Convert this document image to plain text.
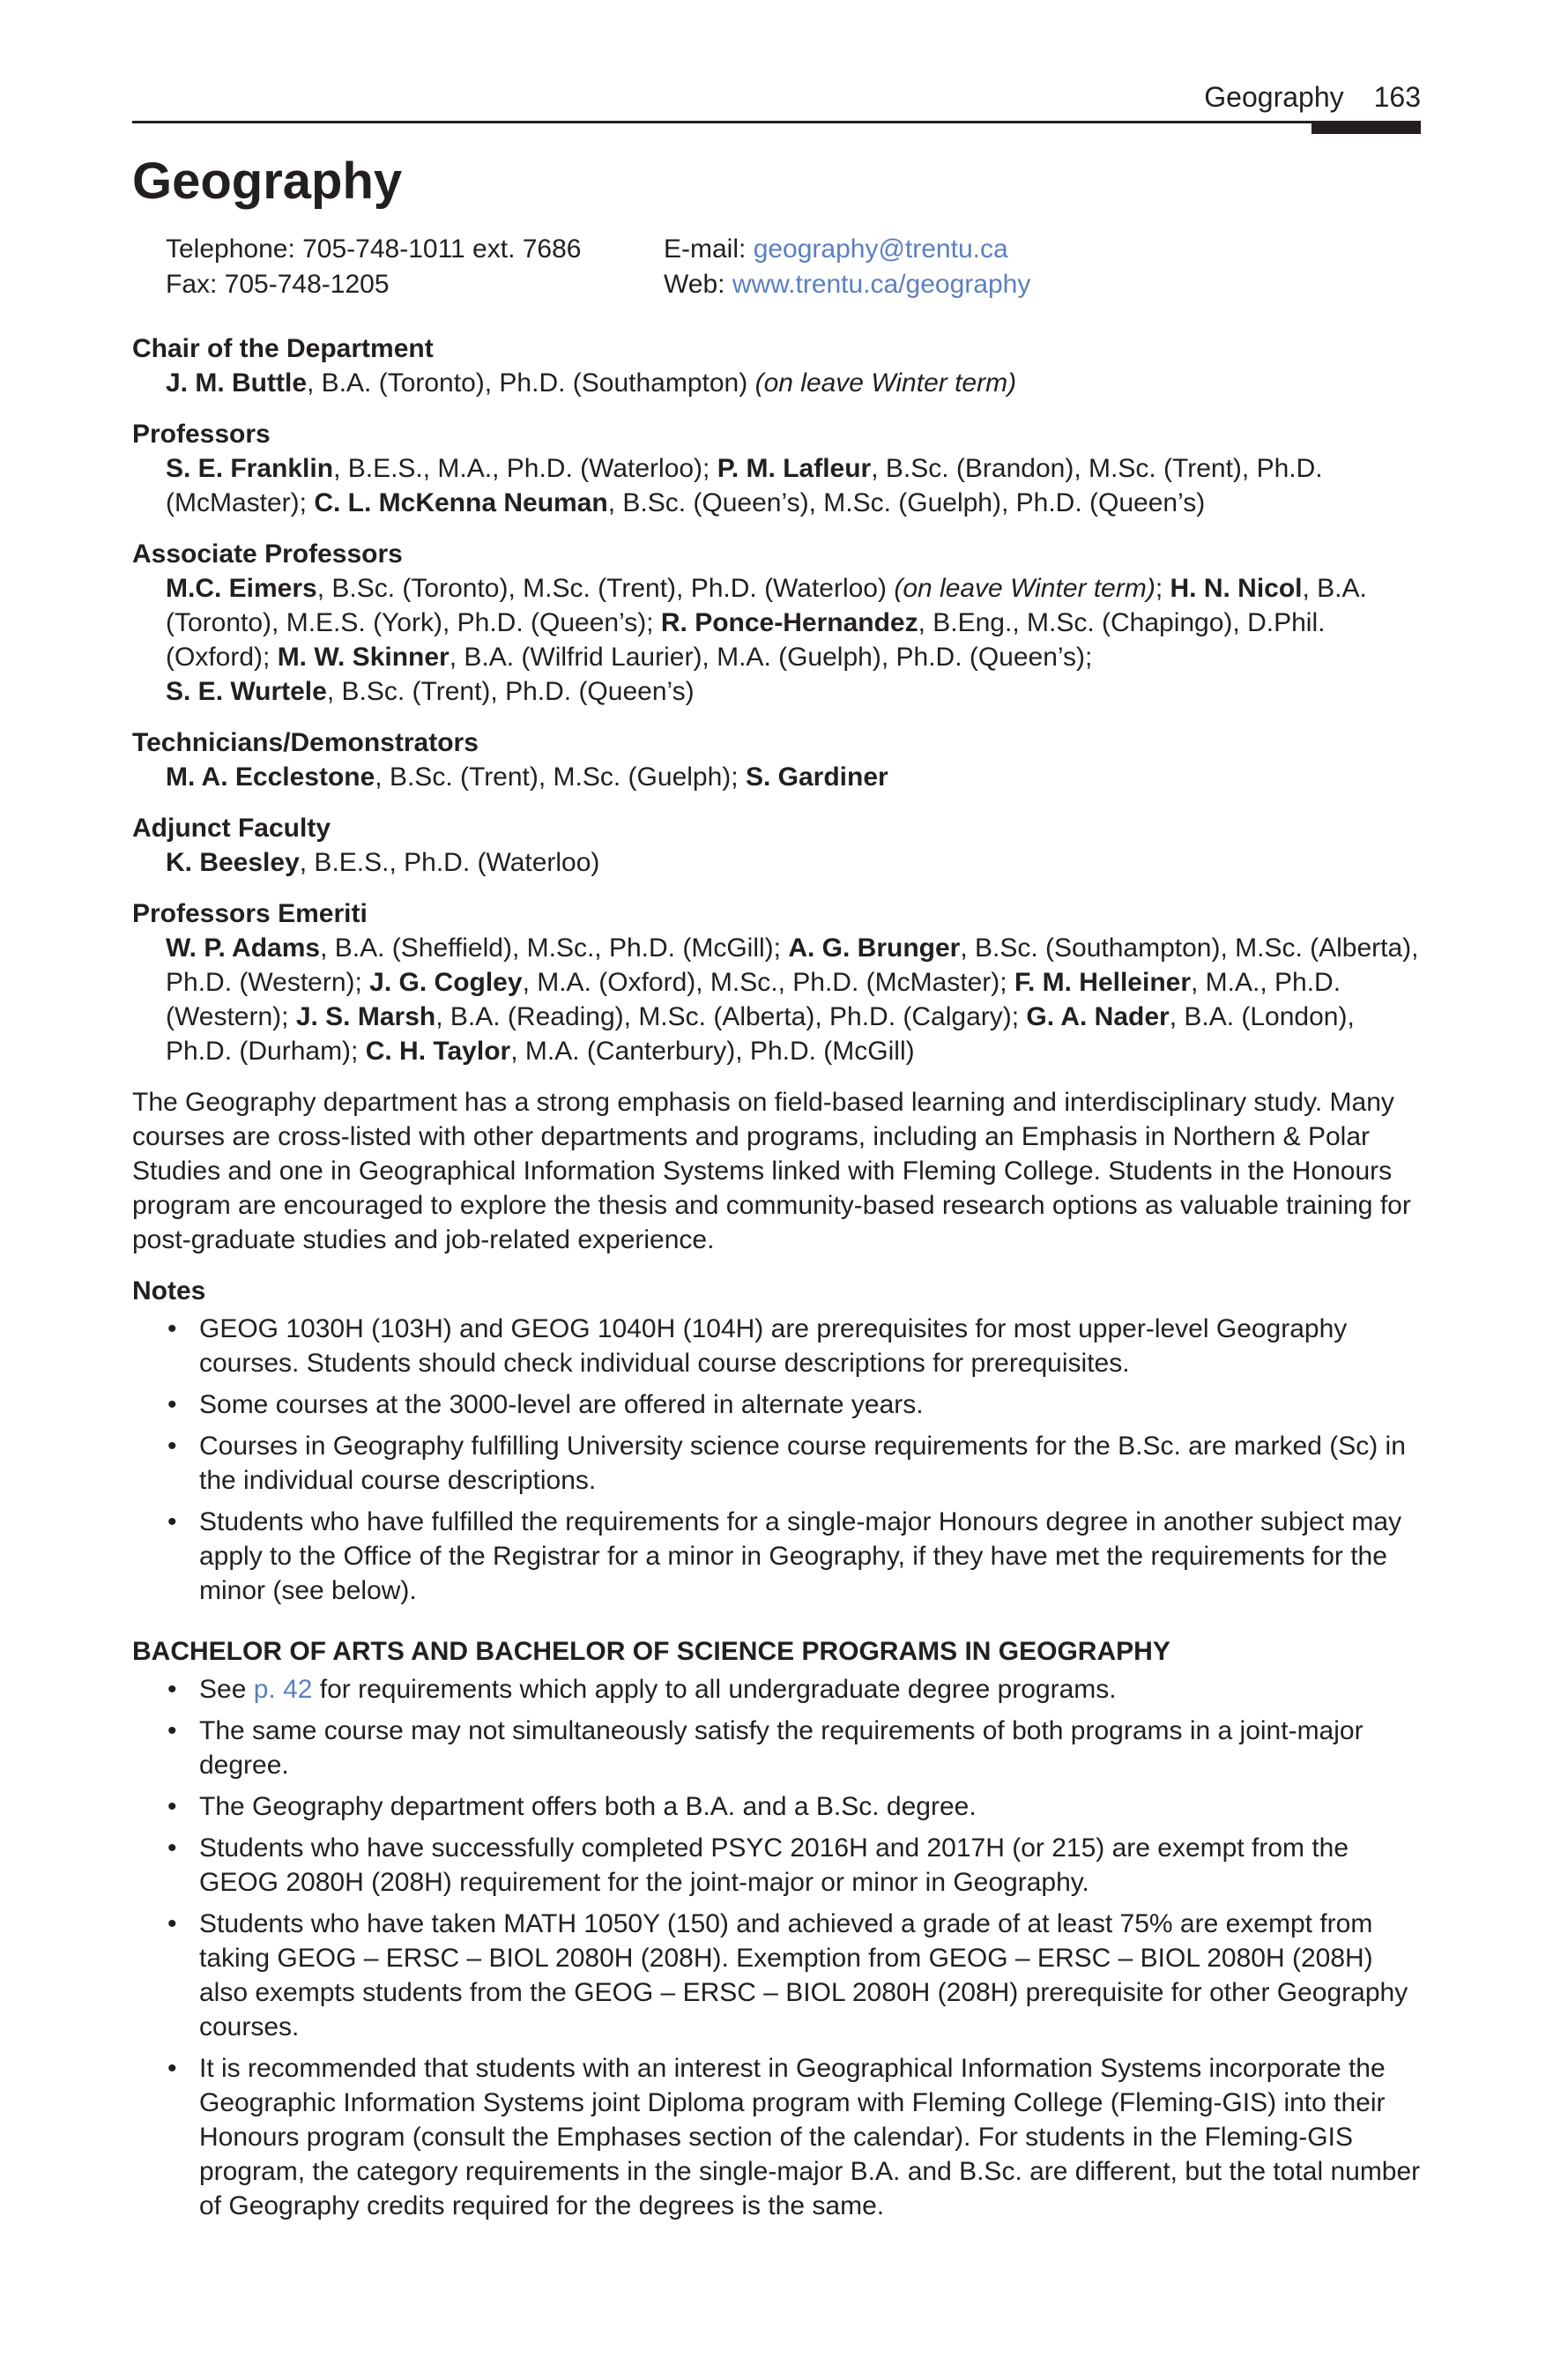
Geography 163
Geography
Telephone: 705-748-1011 ext. 7686	E-mail: geography@trentu.ca
Fax: 705-748-1205	Web: www.trentu.ca/geography
Chair of the Department
J. M. Buttle, B.A. (Toronto), Ph.D. (Southampton) (on leave Winter term)
Professors
S. E. Franklin, B.E.S., M.A., Ph.D. (Waterloo); P. M. Lafleur, B.Sc. (Brandon), M.Sc. (Trent), Ph.D. (McMaster); C. L. McKenna Neuman, B.Sc. (Queen’s), M.Sc. (Guelph), Ph.D. (Queen’s)
Associate Professors
M.C. Eimers, B.Sc. (Toronto), M.Sc. (Trent), Ph.D. (Waterloo) (on leave Winter term); H. N. Nicol, B.A. (Toronto), M.E.S. (York), Ph.D. (Queen’s); R. Ponce-Hernandez, B.Eng., M.Sc. (Chapingo), D.Phil. (Oxford); M. W. Skinner, B.A. (Wilfrid Laurier), M.A. (Guelph), Ph.D. (Queen’s);
S. E. Wurtele, B.Sc. (Trent), Ph.D. (Queen’s)
Technicians/Demonstrators
M. A. Ecclestone, B.Sc. (Trent), M.Sc. (Guelph); S. Gardiner
Adjunct Faculty
K. Beesley, B.E.S., Ph.D. (Waterloo)
Professors Emeriti
W. P. Adams, B.A. (Sheffield), M.Sc., Ph.D. (McGill); A. G. Brunger, B.Sc. (Southampton), M.Sc. (Alberta), Ph.D. (Western); J. G. Cogley, M.A. (Oxford), M.Sc., Ph.D. (McMaster); F. M. Helleiner, M.A., Ph.D. (Western); J. S. Marsh, B.A. (Reading), M.Sc. (Alberta), Ph.D. (Calgary); G. A. Nader, B.A. (London), Ph.D. (Durham); C. H. Taylor, M.A. (Canterbury), Ph.D. (McGill)

The Geography department has a strong emphasis on field-based learning and interdisciplinary study. Many courses are cross-listed with other departments and programs, including an Emphasis in Northern & Polar Studies and one in Geographical Information Systems linked with Fleming College. Students in the Honours program are encouraged to explore the thesis and community-based research options as valuable training for post-graduate studies and job-related experience.

Notes
• GEOG 1030H (103H) and GEOG 1040H (104H) are prerequisites for most upper-level Geography courses. Students should check individual course descriptions for prerequisites.
• Some courses at the 3000-level are offered in alternate years.
• Courses in Geography fulfilling University science course requirements for the B.Sc. are marked (Sc) in the individual course descriptions.
• Students who have fulfilled the requirements for a single-major Honours degree in another subject may apply to the Office of the Registrar for a minor in Geography, if they have met the requirements for the minor (see below).
BACHELOR OF ARTS AND BACHELOR OF SCIENCE PROGRAMS IN GEOGRAPHY
• See p. 42 for requirements which apply to all undergraduate degree programs.
• The same course may not simultaneously satisfy the requirements of both programs in a joint-major degree.
• The Geography department offers both a B.A. and a B.Sc. degree.
• Students who have successfully completed PSYC 2016H and 2017H (or 215) are exempt from the GEOG 2080H (208H) requirement for the joint-major or minor in Geography.
• Students who have taken MATH 1050Y (150) and achieved a grade of at least 75% are exempt from taking GEOG – ERSC – BIOL 2080H (208H). Exemption from GEOG – ERSC – BIOL 2080H (208H) also exempts students from the GEOG – ERSC – BIOL 2080H (208H) prerequisite for other Geography courses.
• It is recommended that students with an interest in Geographical Information Systems incorporate the Geographic Information Systems joint Diploma program with Fleming College (Fleming-GIS) into their Honours program (consult the Emphases section of the calendar). For students in the Fleming-GIS program, the category requirements in the single-major B.A. and B.Sc. are different, but the total number of Geography credits required for the degrees is the same.
